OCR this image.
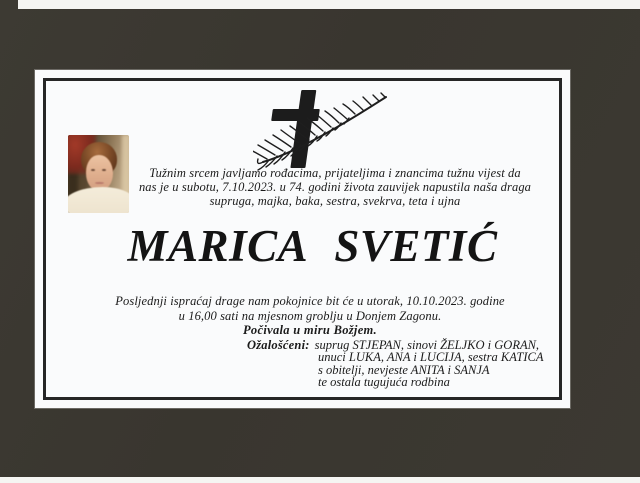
Tužnim srcem javljamo rođacima, prijateljima i znancima tužnu vijest da
nas je u subotu, 7.10.2023. u 74. godini života zauvijek napustila naša draga
supruga, majka, baka, sestra, svekrva, teta i ujna
MARICA SVETIĆ
Posljednji ispraćaj drage nam pokojnice bit će u utorak, 10.10.2023. godine
u 16,00 sati na mjesnom groblju u Donjem Zagonu.
Počivala u miru Božjem.
Ožalošćeni: suprug STJEPAN, sinovi ŽELJKO i GORAN,
unuci LUKA, ANA i LUCIJA, sestra KATICA
s obitelji, nevjeste ANITA i SANJA
te ostala tugujuća rodbina
